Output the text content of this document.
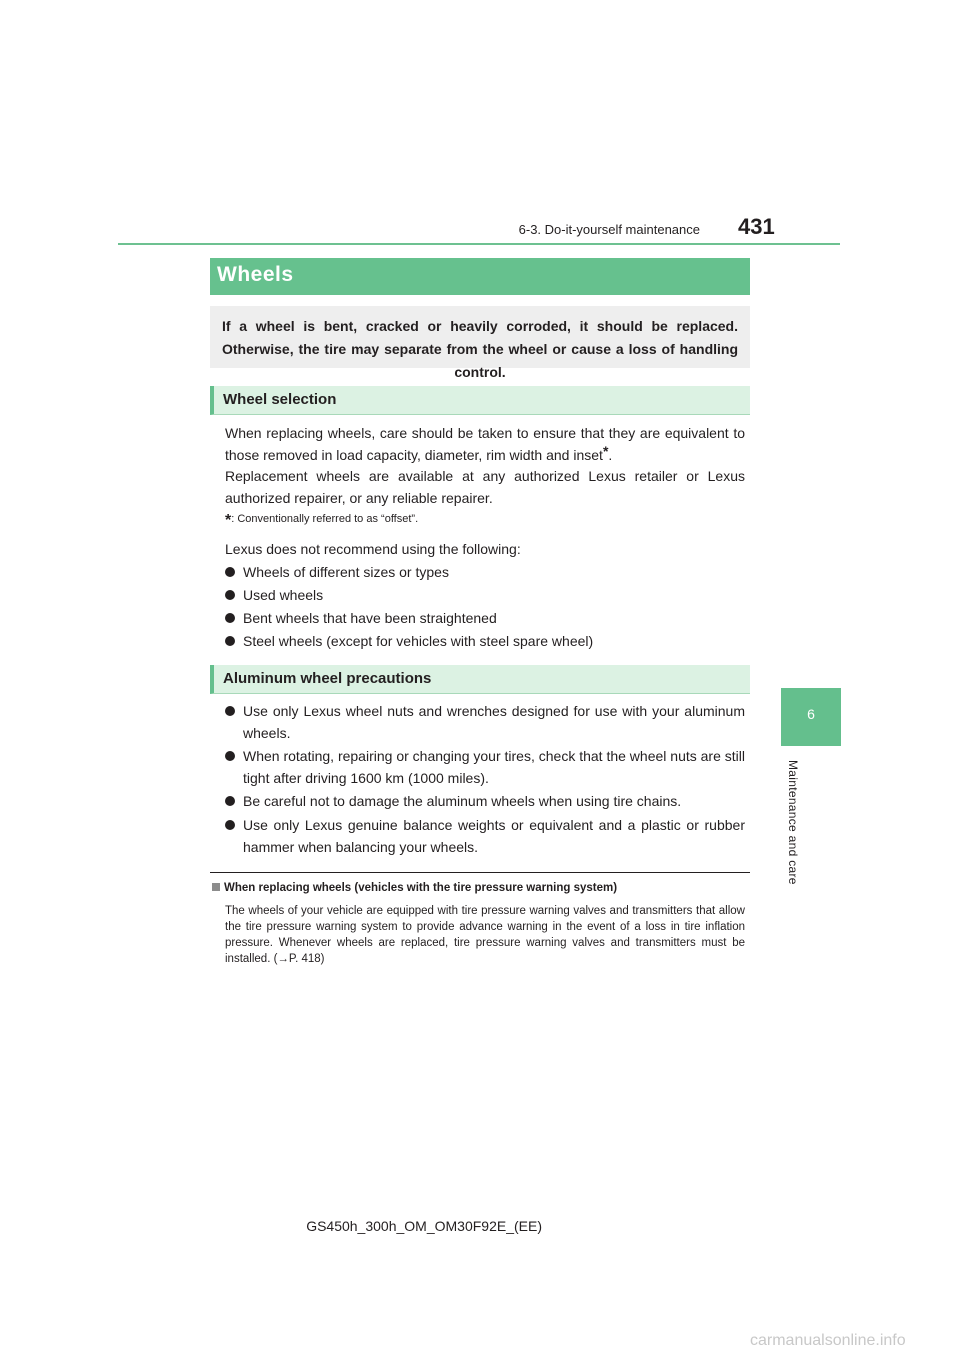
6-3. Do-it-yourself maintenance 431
6
Maintenance and care
Wheels
If a wheel is bent, cracked or heavily corroded, it should be replaced. Otherwise, the tire may separate from the wheel or cause a loss of handling control.
Wheel selection
When replacing wheels, care should be taken to ensure that they are equivalent to those removed in load capacity, diameter, rim width and inset*.
Replacement wheels are available at any authorized Lexus retailer or Lexus authorized repairer, or any reliable repairer.
*: Conventionally referred to as “offset”.
Lexus does not recommend using the following:
Wheels of different sizes or types
Used wheels
Bent wheels that have been straightened
Steel wheels (except for vehicles with steel spare wheel)
Aluminum wheel precautions
Use only Lexus wheel nuts and wrenches designed for use with your aluminum wheels.
When rotating, repairing or changing your tires, check that the wheel nuts are still tight after driving 1600 km (1000 miles).
Be careful not to damage the aluminum wheels when using tire chains.
Use only Lexus genuine balance weights or equivalent and a plastic or rubber hammer when balancing your wheels.
When replacing wheels (vehicles with the tire pressure warning system)
The wheels of your vehicle are equipped with tire pressure warning valves and transmitters that allow the tire pressure warning system to provide advance warning in the event of a loss in tire inflation pressure. Whenever wheels are replaced, tire pressure warning valves and transmitters must be installed. (→P. 418)
GS450h_300h_OM_OM30F92E_(EE)
carmanualsonline.info
